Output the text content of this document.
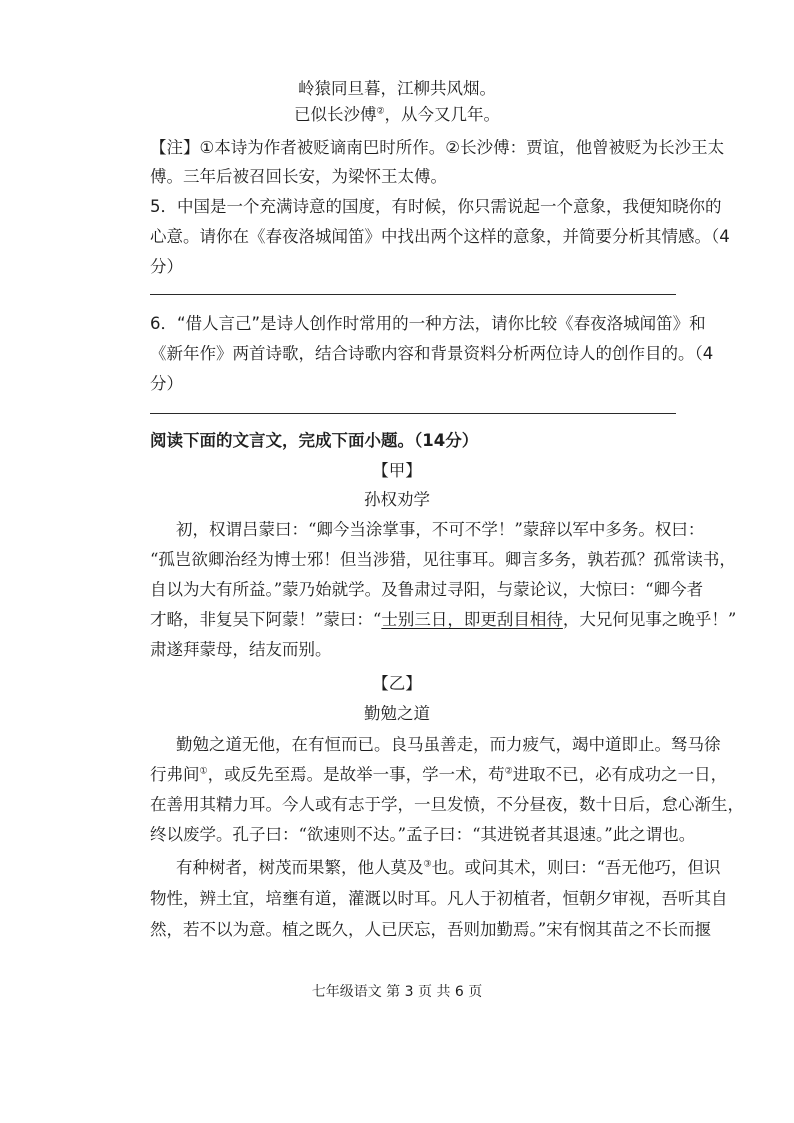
岭猿同旦暮，江柳共风烟。
已似长沙傅②，从今又几年。
【注】①本诗为作者被贬谪南巴时所作。②长沙傅：贾谊，他曾被贬为长沙王太
傅。三年后被召回长安，为梁怀王太傅。
5．中国是一个充满诗意的国度，有时候，你只需说起一个意象，我便知晓你的
心意。请你在《春夜洛城闻笛》中找出两个这样的意象，并简要分析其情感。（4
分）
6．“借人言己”是诗人创作时常用的一种方法，请你比较《春夜洛城闻笛》和
《新年作》两首诗歌，结合诗歌内容和背景资料分析两位诗人的创作目的。（4
分）
阅读下面的文言文，完成下面小题。（14分）
【甲】
孙权劝学
初，权谓吕蒙曰：“卿今当涂掌事，不可不学！”蒙辞以军中多务。权曰：
“孤岂欲卿治经为博士邪！但当涉猎，见往事耳。卿言多务，孰若孤？孤常读书，
自以为大有所益。”蒙乃始就学。及鲁肃过寻阳，与蒙论议，大惊曰：“卿今者
才略，非复吴下阿蒙！”蒙曰：“士别三日，即更刮目相待，大兄何见事之晚乎！”
肃遂拜蒙母，结友而别。
【乙】
勤勉之道
勤勉之道无他，在有恒而已。良马虽善走，而力疲气，竭中道即止。驽马徐
行弗间①，或反先至焉。是故举一事，学一术，苟②进取不已，必有成功之一日，
在善用其精力耳。今人或有志于学，一旦发愤，不分昼夜，数十日后，怠心渐生，
终以废学。孔子曰：“欲速则不达。”孟子曰：“其进锐者其退速。”此之谓也。
有种树者，树茂而果繁，他人莫及③也。或问其术，则曰：“吾无他巧，但识
物性，辨土宜，培壅有道，灌溉以时耳。凡人于初植者，恒朝夕审视，吾听其自
然，若不以为意。植之既久，人已厌忘，吾则加勤焉。”宋有悯其苗之不长而揠
七年级语文 第 3 页 共 6 页
